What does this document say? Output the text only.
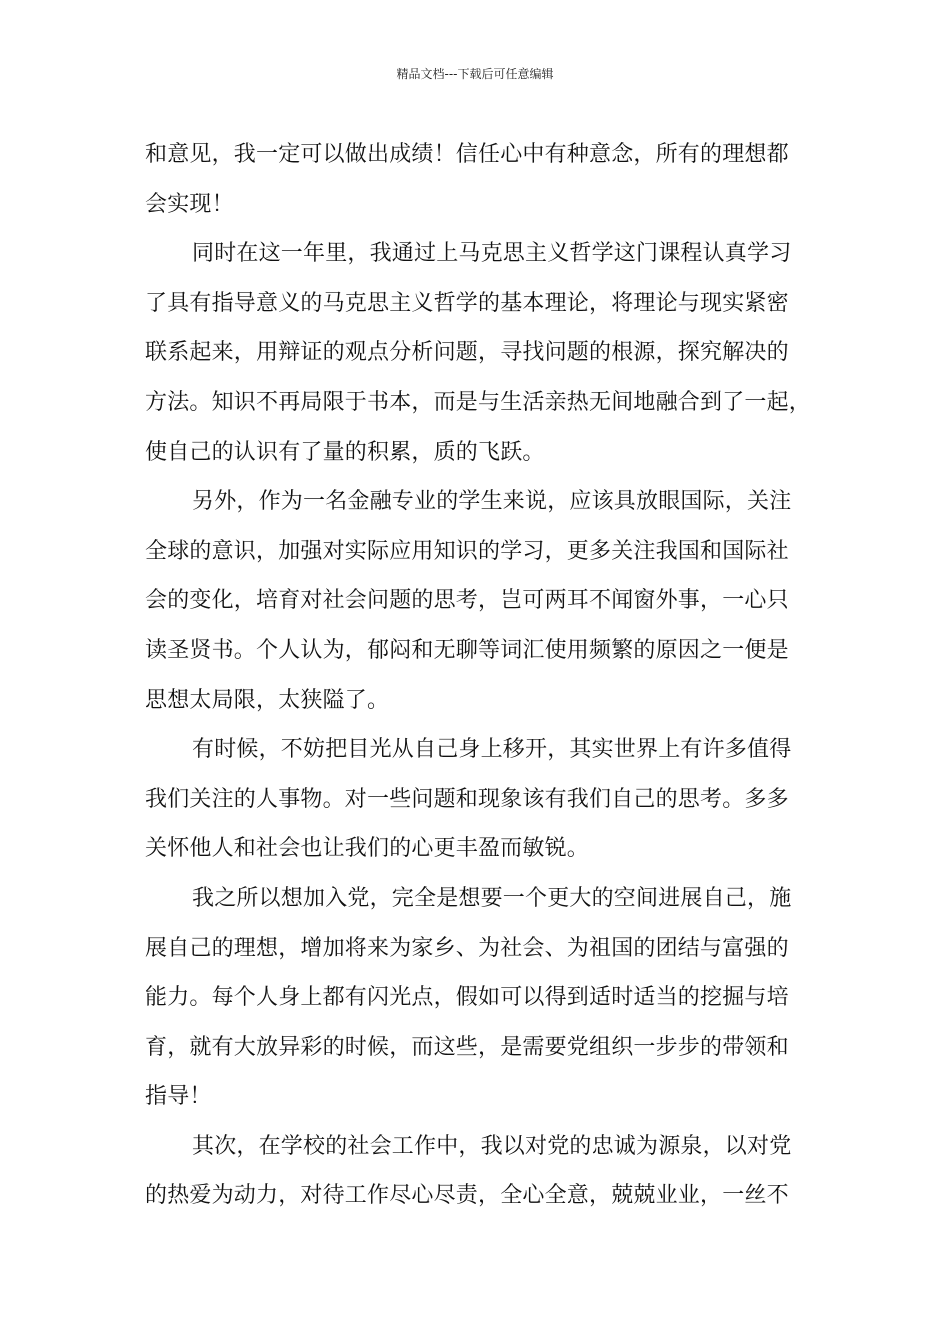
精品文档---下载后可任意编辑
和意见，我一定可以做出成绩！信任心中有种意念，所有的理想都
会实现！
同时在这一年里，我通过上马克思主义哲学这门课程认真学习
了具有指导意义的马克思主义哲学的基本理论，将理论与现实紧密
联系起来，用辩证的观点分析问题，寻找问题的根源，探究解决的
方法。知识不再局限于书本，而是与生活亲热无间地融合到了一起，
使自己的认识有了量的积累，质的飞跃。
另外，作为一名金融专业的学生来说，应该具放眼国际，关注
全球的意识，加强对实际应用知识的学习，更多关注我国和国际社
会的变化，培育对社会问题的思考，岂可两耳不闻窗外事，一心只
读圣贤书。个人认为，郁闷和无聊等词汇使用频繁的原因之一便是
思想太局限，太狭隘了。
有时候，不妨把目光从自己身上移开，其实世界上有许多值得
我们关注的人事物。对一些问题和现象该有我们自己的思考。多多
关怀他人和社会也让我们的心更丰盈而敏锐。
我之所以想加入党，完全是想要一个更大的空间进展自己，施
展自己的理想，增加将来为家乡、为社会、为祖国的团结与富强的
能力。每个人身上都有闪光点，假如可以得到适时适当的挖掘与培
育，就有大放异彩的时候，而这些，是需要党组织一步步的带领和
指导！
其次，在学校的社会工作中，我以对党的忠诚为源泉，以对党
的热爱为动力，对待工作尽心尽责，全心全意，兢兢业业，一丝不
